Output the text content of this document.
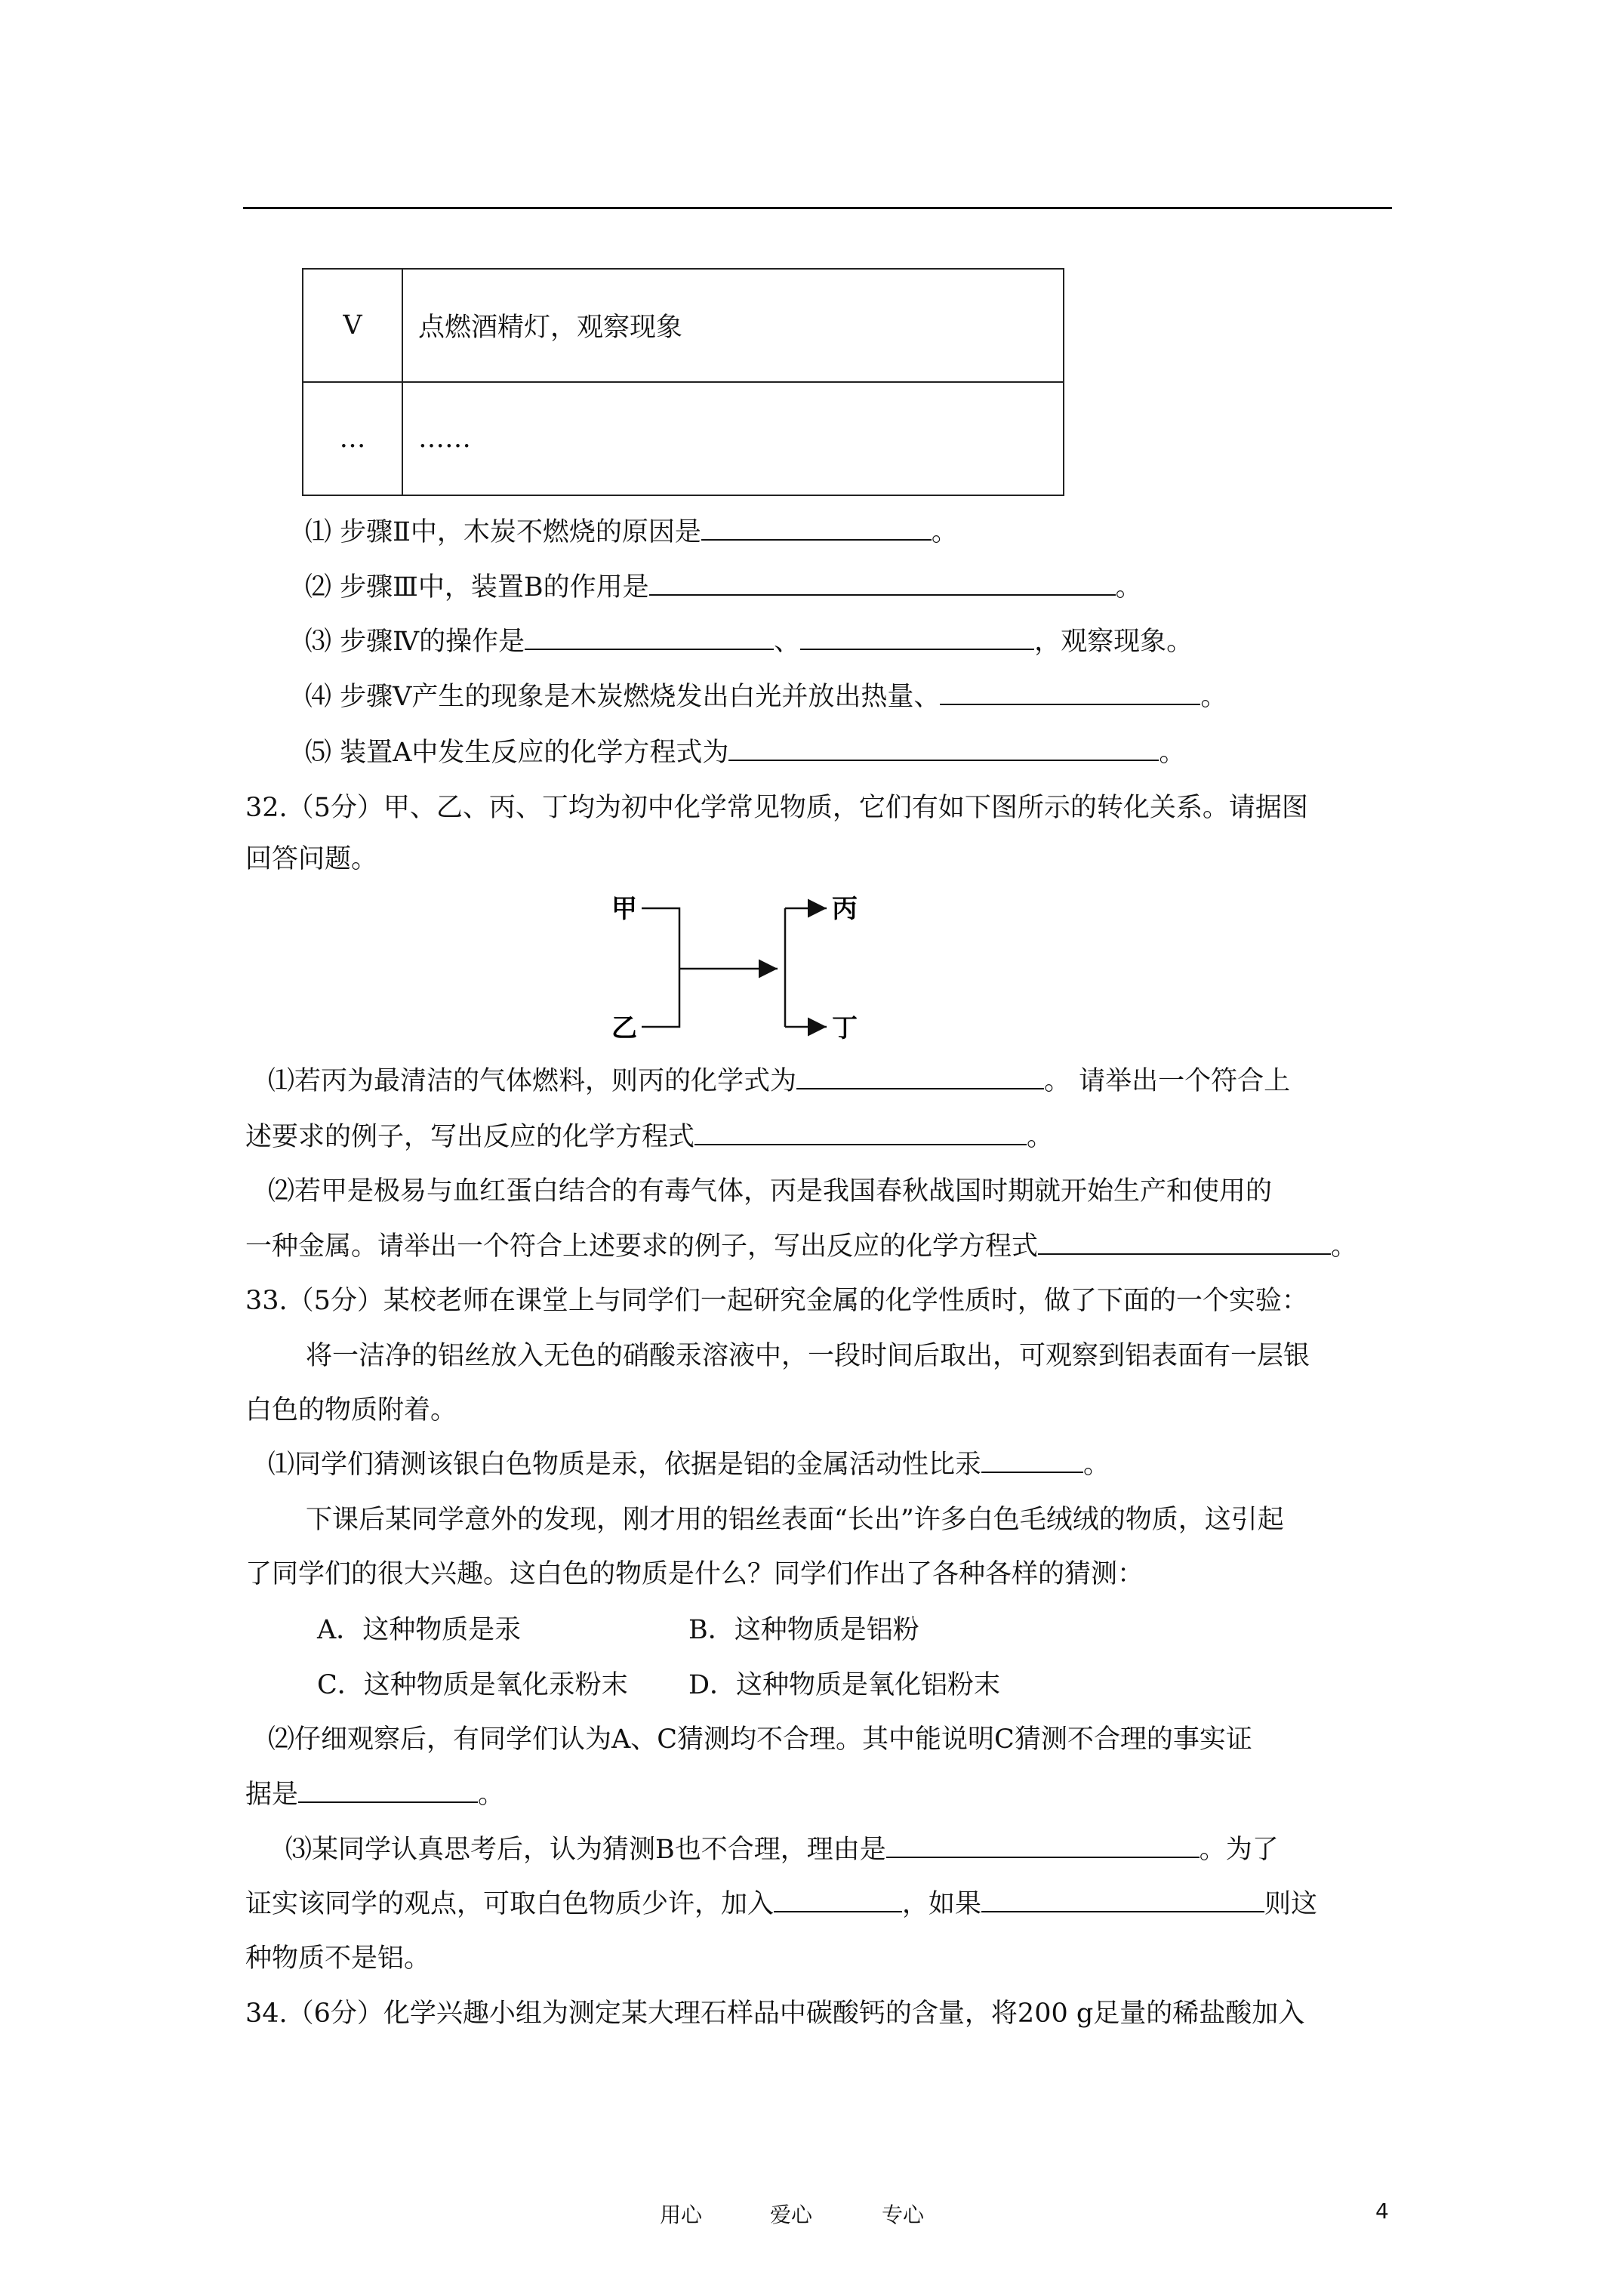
Ⅴ	点燃酒精灯，观察现象
…	……
⑴ 步骤Ⅱ中，木炭不燃烧的原因是	。
⑵ 步骤Ⅲ中，装置B的作用是	。
⑶ 步骤Ⅳ的操作是	、	，观察现象。
⑷ 步骤Ⅴ产生的现象是木炭燃烧发出白光并放出热量、	。
⑸ 装置A中发生反应的化学方程式为	。
32.（5分）甲、乙、丙、丁均为初中化学常见物质，它们有如下图所示的转化关系。请据图
回答问题。
甲
乙
丙
丁
⑴若丙为最清洁的气体燃料，则丙的化学式为	。 请举出一个符合上
述要求的例子，写出反应的化学方程式	。
⑵若甲是极易与血红蛋白结合的有毒气体，丙是我国春秋战国时期就开始生产和使用的
一种金属。请举出一个符合上述要求的例子，写出反应的化学方程式	。
33.（5分）某校老师在课堂上与同学们一起研究金属的化学性质时，做了下面的一个实验：
将一洁净的铝丝放入无色的硝酸汞溶液中，一段时间后取出，可观察到铝表面有一层银
白色的物质附着。
⑴同学们猜测该银白色物质是汞，依据是铝的金属活动性比汞	。
下课后某同学意外的发现，刚才用的铝丝表面“长出”许多白色毛绒绒的物质，这引起
了同学们的很大兴趣。这白色的物质是什么？同学们作出了各种各样的猜测：
A．这种物质是汞	B．这种物质是铝粉
C．这种物质是氧化汞粉末 D．这种物质是氧化铝粉末
⑵仔细观察后，有同学们认为A、C猜测均不合理。其中能说明C猜测不合理的事实证
据是	。
⑶某同学认真思考后，认为猜测B也不合理，理由是	。为了
证实该同学的观点，可取白色物质少许，加入	，如果	则这
种物质不是铝。
34.（6分）化学兴趣小组为测定某大理石样品中碳酸钙的含量，将200 g足量的稀盐酸加入
用心	爱心	专心	4
